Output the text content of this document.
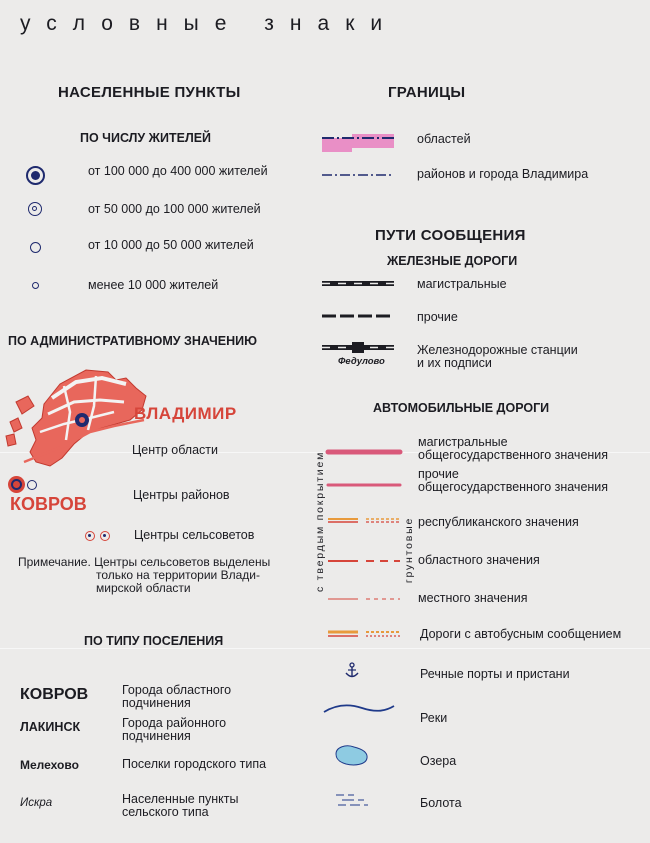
условные знаки
НАСЕЛЕННЫЕ ПУНКТЫ
ПО ЧИСЛУ ЖИТЕЛЕЙ
от 100 000 до 400 000 жителей
от 50 000 до 100 000 жителей
от 10 000 до 50 000 жителей
менее 10 000 жителей
ПО АДМИНИСТРАТИВНОМУ ЗНАЧЕНИЮ
ВЛАДИМИР
Центр области
КОВРОВ	Центры районов
Центры сельсоветов
Примечание. Центры сельсоветов выделены
только на территории Влади-
мирской области
ПО ТИПУ ПОСЕЛЕНИЯ
КОВРОВ	Города областного
подчинения
ЛАКИНСК	Города районного
подчинения
Мелехово	Поселки городского типа
Искра	Населенные пункты
сельского типа
ГРАНИЦЫ
областей
районов и города Владимира
ПУТИ СООБЩЕНИЯ
ЖЕЛЕЗНЫЕ ДОРОГИ
магистральные
прочие
Федулово
Железнодорожные станции
и их подписи
АВТОМОБИЛЬНЫЕ ДОРОГИ
с твердым покрытием	грунтовые
магистральные
общегосударственного значения
прочие
общегосударственного значения
республиканского значения
областного значения
местного значения
Дороги с автобусным сообщением
Речные порты и пристани
Реки
Озера
Болота
